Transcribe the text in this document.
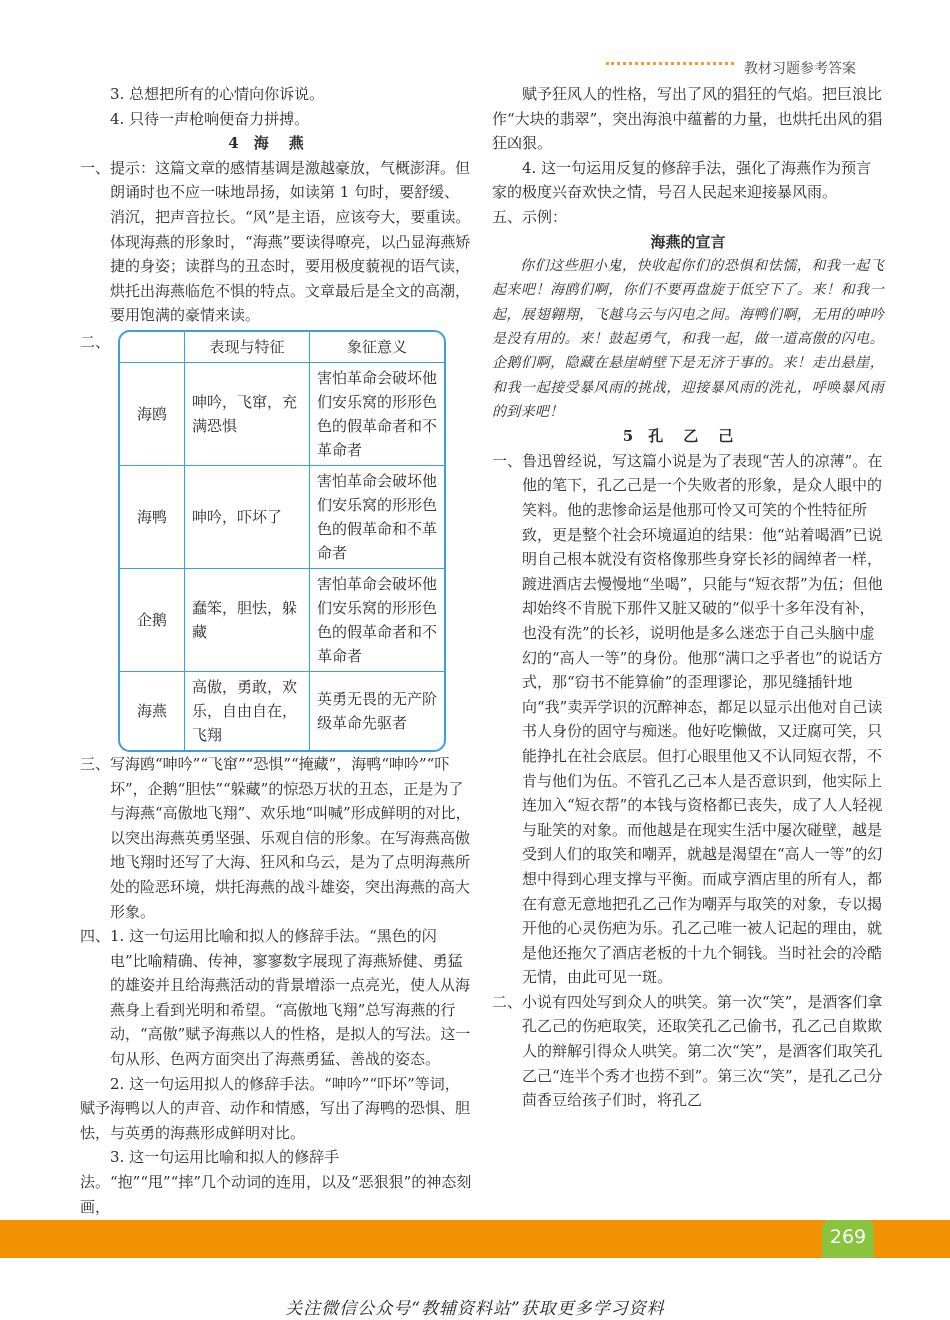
教材习题参考答案

3. 总想把所有的心情向你诉说。

4. 只待一声枪响便奋力拼搏。

4 海燕

一、提示：这篇文章的感情基调是激越豪放，气概澎湃。但朗诵时也不应一味地昂扬，如读第 1 句时，要舒缓、消沉，把声音拉长。“风”是主语，应该夸大，要重读。体现海燕的形象时，“海燕”要读得嘹亮，以凸显海燕矫捷的身姿；读群鸟的丑态时，要用极度藐视的语气读，烘托出海燕临危不惧的特点。文章最后是全文的高潮，要用饱满的豪情来读。

二、
		表现与特征	象征意义
海鸥	呻吟，飞窜，充满恐惧	害怕革命会破坏他们安乐窝的形形色色的假革命者和不革命者
海鸭	呻吟，吓坏了	害怕革命会破坏他们安乐窝的形形色色的假革命和不革命者
企鹅	蠢笨，胆怯，躲藏	害怕革命会破坏他们安乐窝的形形色色的假革命者和不革命者
海燕	高傲，勇敢，欢乐，自由自在，飞翔	英勇无畏的无产阶级革命先驱者

三、写海鸥“呻吟”“飞窜”“恐惧”“掩藏”，海鸭“呻吟”“吓坏”，企鹅“胆怯”“躲藏”的惊恐万状的丑态，正是为了与海燕“高傲地飞翔”、欢乐地“叫喊”形成鲜明的对比，以突出海燕英勇坚强、乐观自信的形象。在写海燕高傲地飞翔时还写了大海、狂风和乌云，是为了点明海燕所处的险恶环境，烘托海燕的战斗雄姿，突出海燕的高大形象。

四、1. 这一句运用比喻和拟人的修辞手法。“黑色的闪电”比喻精确、传神，寥寥数字展现了海燕矫健、勇猛的雄姿并且给海燕活动的背景增添一点亮光，使人从海燕身上看到光明和希望。“高傲地飞翔”总写海燕的行动，“高傲”赋予海燕以人的性格，是拟人的写法。这一句从形、色两方面突出了海燕勇猛、善战的姿态。

2. 这一句运用拟人的修辞手法。“呻吟”“吓坏”等词，赋予海鸭以人的声音、动作和情感，写出了海鸭的恐惧、胆怯，与英勇的海燕形成鲜明对比。

3. 这一句运用比喻和拟人的修辞手法。“抱”“甩”“摔”几个动词的连用，以及“恶狠狠”的神态刻画，

赋予狂风人的性格，写出了风的猖狂的气焰。把巨浪比作“大块的翡翠”，突出海浪中蕴蓄的力量，也烘托出风的猖狂凶狠。

4. 这一句运用反复的修辞手法，强化了海燕作为预言家的极度兴奋欢快之情，号召人民起来迎接暴风雨。

五、示例：

海燕的宣言

你们这些胆小鬼，快收起你们的恐惧和怯懦，和我一起飞起来吧！海鸥们啊，你们不要再盘旋于低空下了。来！和我一起，展翅翱翔，飞越乌云与闪电之间。海鸭们啊，无用的呻吟是没有用的。来！鼓起勇气，和我一起，做一道高傲的闪电。企鹅们啊，隐藏在悬崖峭壁下是无济于事的。来！走出悬崖，和我一起接受暴风雨的挑战，迎接暴风雨的洗礼，呼唤暴风雨的到来吧！

5 孔乙己

一、鲁迅曾经说，写这篇小说是为了表现“苦人的凉薄”。在他的笔下，孔乙己是一个失败者的形象，是众人眼中的笑料。他的悲惨命运是他那可怜又可笑的个性特征所致，更是整个社会环境逼迫的结果：他“站着喝酒”已说明自己根本就没有资格像那些身穿长衫的阔绰者一样，踱进酒店去慢慢地“坐喝”，只能与“短衣帮”为伍；但他却始终不肯脱下那件又脏又破的“似乎十多年没有补，也没有洗”的长衫，说明他是多么迷恋于自己头脑中虚幻的“高人一等”的身份。他那“满口之乎者也”的说话方式，那“窃书不能算偷”的歪理谬论，那见缝插针地向“我”卖弄学识的沉醉神态，都足以显示出他对自己读书人身份的固守与痴迷。他好吃懒做，又迂腐可笑，只能挣扎在社会底层。但打心眼里他又不认同短衣帮，不肯与他们为伍。不管孔乙己本人是否意识到，他实际上连加入“短衣帮”的本钱与资格都已丧失，成了人人轻视与耻笑的对象。而他越是在现实生活中屡次碰壁，越是受到人们的取笑和嘲弄，就越是渴望在“高人一等”的幻想中得到心理支撑与平衡。而咸亨酒店里的所有人，都在有意无意地把孔乙己作为嘲弄与取笑的对象，专以揭开他的心灵伤疤为乐。孔乙己唯一被人记起的理由，就是他还拖欠了酒店老板的十九个铜钱。当时社会的冷酷无情，由此可见一斑。

二、小说有四处写到众人的哄笑。第一次“笑”，是酒客们拿孔乙己的伤疤取笑，还取笑孔乙己偷书，孔乙己自欺欺人的辩解引得众人哄笑。第二次“笑”，是酒客们取笑孔乙己“连半个秀才也捞不到”。第三次“笑”，是孔乙己分茴香豆给孩子们时，将孔乙

269
关注微信公众号“教辅资料站”获取更多学习资料
